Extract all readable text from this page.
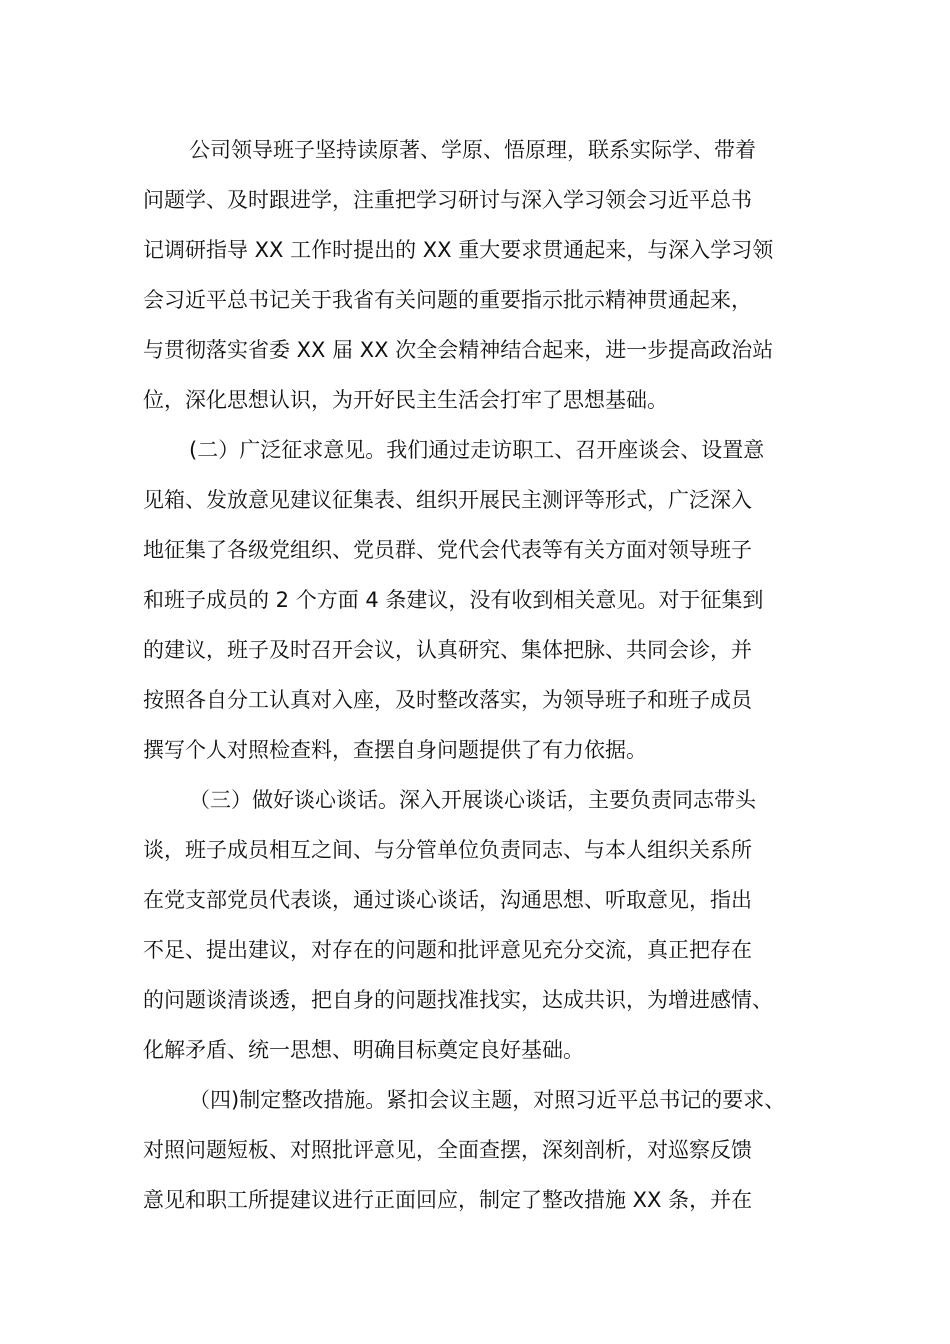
公司领导班子坚持读原著、学原、悟原理，联系实际学、带着
问题学、及时跟进学，注重把学习研讨与深入学习领会习近平总书
记调研指导 XX 工作时提出的 XX 重大要求贯通起来，与深入学习领
会习近平总书记关于我省有关问题的重要指示批示精神贯通起来，
与贯彻落实省委 XX 届 XX 次全会精神结合起来，进一步提高政治站
位，深化思想认识，为开好民主生活会打牢了思想基础。
(二）广泛征求意见。我们通过走访职工、召开座谈会、设置意
见箱、发放意见建议征集表、组织开展民主测评等形式，广泛深入
地征集了各级党组织、党员群、党代会代表等有关方面对领导班子
和班子成员的 2 个方面 4 条建议，没有收到相关意见。对于征集到
的建议，班子及时召开会议，认真研究、集体把脉、共同会诊，并
按照各自分工认真对入座，及时整改落实，为领导班子和班子成员
撰写个人对照检查料，查摆自身问题提供了有力依据。
（三）做好谈心谈话。深入开展谈心谈话，主要负责同志带头
谈，班子成员相互之间、与分管单位负责同志、与本人组织关系所
在党支部党员代表谈，通过谈心谈话，沟通思想、听取意见，指出
不足、提出建议，对存在的问题和批评意见充分交流，真正把存在
的问题谈清谈透，把自身的问题找准找实，达成共识，为增进感情、
化解矛盾、统一思想、明确目标奠定良好基础。
（四)制定整改措施。紧扣会议主题，对照习近平总书记的要求、
对照问题短板、对照批评意见，全面查摆，深刻剖析，对巡察反馈
意见和职工所提建议进行正面回应，制定了整改措施 XX 条，并在
